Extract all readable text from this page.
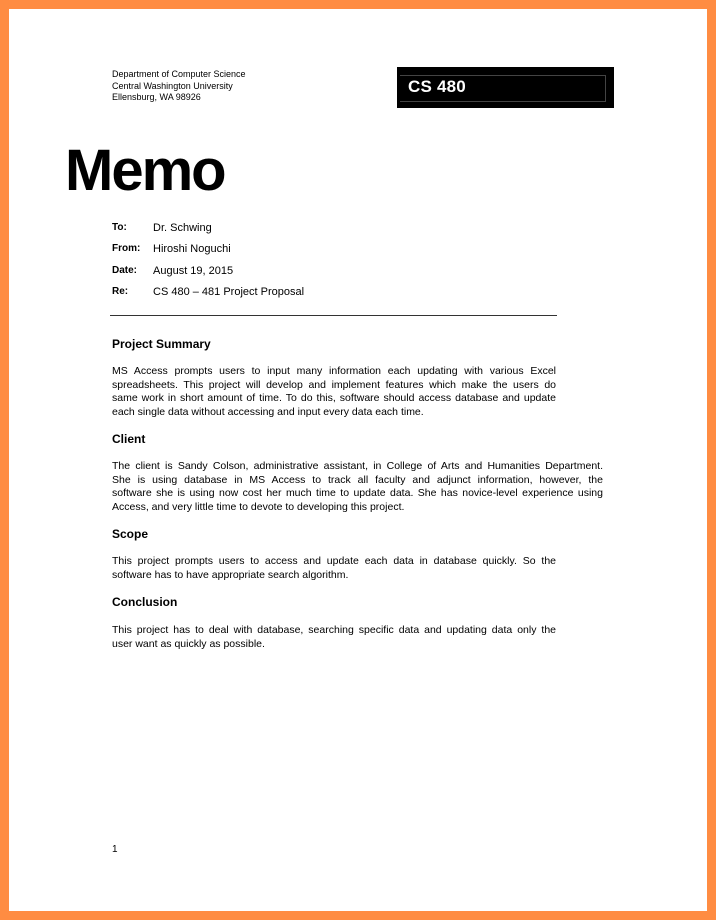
Department of Computer Science
Central Washington University
Ellensburg, WA 98926
CS 480
Memo
To: Dr. Schwing
From: Hiroshi Noguchi
Date: August 19, 2015
Re: CS 480 – 481 Project Proposal
Project Summary

MS Access prompts users to input many information each updating with various Excel
spreadsheets. This project will develop and implement features which make the users do
same work in short amount of time. To do this, software should access database and update
each single data without accessing and input every data each time.

Client

The client is Sandy Colson, administrative assistant, in College of Arts and Humanities Department.
She is using database in MS Access to track all faculty and adjunct information, however, the
software she is using now cost her much time to update data. She has novice-level experience using
Access, and very little time to devote to developing this project.

Scope

This project prompts users to access and update each data in database quickly. So the
software has to have appropriate search algorithm.

Conclusion

This project has to deal with database, searching specific data and updating data only the
user want as quickly as possible.

1
